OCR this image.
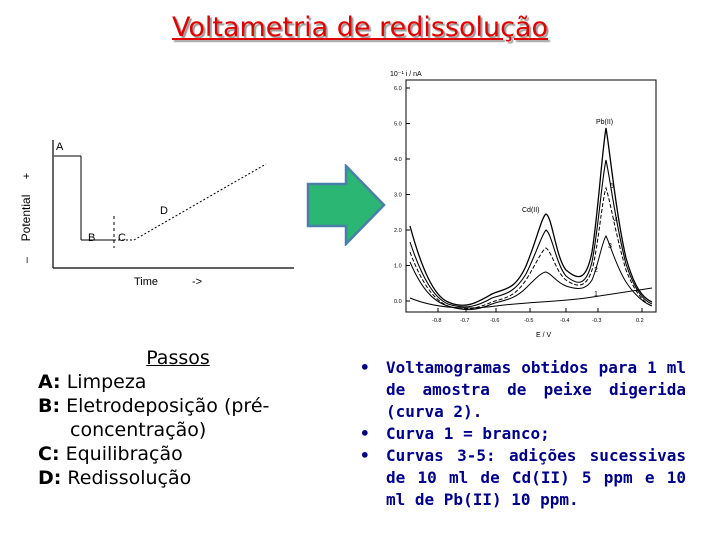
Voltametria de redissolução
+
Potential
–
A
B C
D
Time	->
10⁻¹ i / nA
6.0
5.0
4.0
3.0
2.0
1.0
0.0
-0.8	-0.7	-0.6	-0.5	-0.4	-0.3	0.2
E / V
Pb(II)
Cd(II)
5
4
3
2
1
Passos
A: Limpeza
B: Eletrodeposição (pré-
concentração)
C: Equilibração
D: Redissolução
• Voltamogramas obtidos para 1 ml de amostra de peixe digerida (curva 2).
• Curva 1 = branco;
• Curvas 3-5: adições sucessivas de 10 ml de Cd(II) 5 ppm e 10 ml de Pb(II) 10 ppm.
